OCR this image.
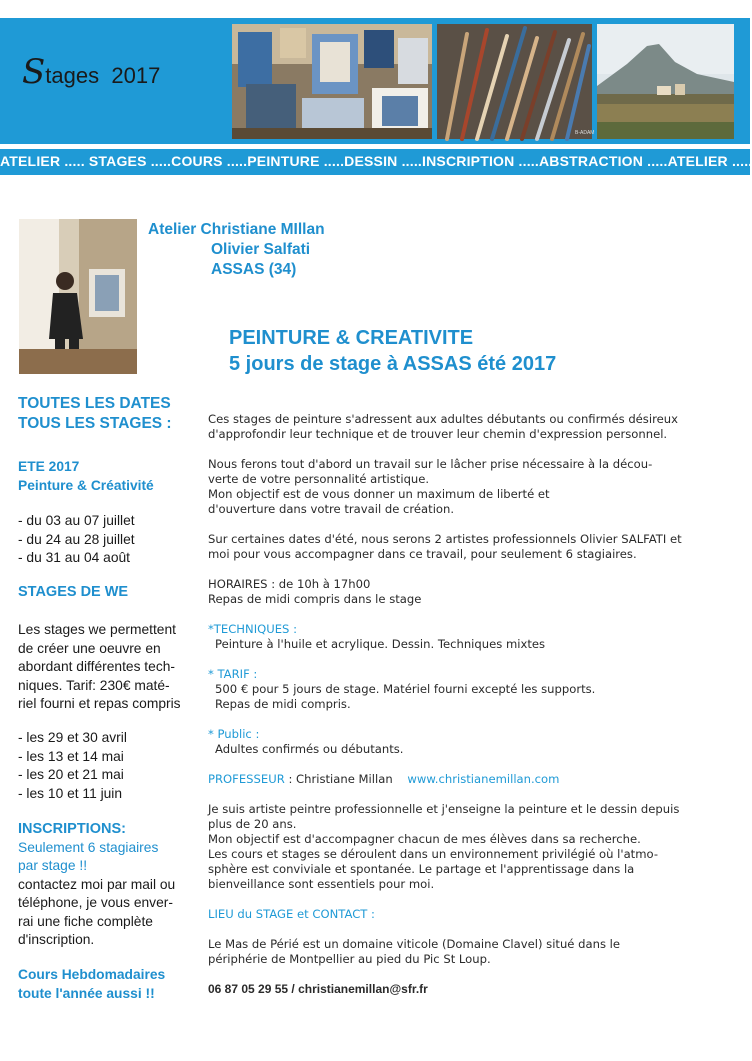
Stages 2017
B-ADAM
ATELIER ..... STAGES .....COURS .....PEINTURE .....DESSIN .....INSCRIPTION .....ABSTRACTION .....ATELIER .....
Atelier Christiane MIllan
Olivier Salfati
ASSAS (34)
PEINTURE & CREATIVITE
5 jours de stage à ASSAS été 2017
TOUTES LES DATES
TOUS LES STAGES :
ETE 2017
Peinture & Créativité
- du 03 au 07 juillet
- du 24 au 28 juillet
- du 31 au 04 août
STAGES DE WE
Les stages we permettent
de créer une oeuvre en
abordant différentes tech-
niques. Tarif: 230€ maté-
riel fourni et repas compris
- les 29 et 30 avril
- les 13 et 14 mai
- les 20 et 21 mai
- les 10 et 11 juin
INSCRIPTIONS:
Seulement 6 stagiaires
par stage !!
contactez moi par mail ou
téléphone, je vous enver-
rai une fiche complète
d'inscription.
Cours Hebdomadaires
toute l'année aussi !!
Ces stages de peinture s'adressent aux adultes débutants ou confirmés désireux
d'approfondir leur technique et de trouver leur chemin d'expression personnel.
Nous ferons tout d'abord un travail sur le lâcher prise nécessaire à la décou-
verte de votre personnalité artistique.
Mon objectif est de vous donner un maximum de liberté et
d'ouverture dans votre travail de création.
Sur certaines dates d'été, nous serons 2 artistes professionnels Olivier SALFATI et
moi pour vous accompagner dans ce travail, pour seulement 6 stagiaires.
HORAIRES : de 10h à 17h00
Repas de midi compris dans le stage
*TECHNIQUES :
Peinture à l'huile et acrylique. Dessin. Techniques mixtes
* TARIF :
500 € pour 5 jours de stage. Matériel fourni excepté les supports.
Repas de midi compris.
* Public :
Adultes confirmés ou débutants.
PROFESSEUR : Christiane Millan www.christianemillan.com
Je suis artiste peintre professionnelle et j'enseigne la peinture et le dessin depuis
plus de 20 ans.
Mon objectif est d'accompagner chacun de mes élèves dans sa recherche.
Les cours et stages se déroulent dans un environnement privilégié où l'atmo-
sphère est conviviale et spontanée. Le partage et l'apprentissage dans la
bienveillance sont essentiels pour moi.
LIEU du STAGE et CONTACT :
Le Mas de Périé est un domaine viticole (Domaine Clavel) situé dans le
périphérie de Montpellier au pied du Pic St Loup.
06 87 05 29 55 / christianemillan@sfr.fr
